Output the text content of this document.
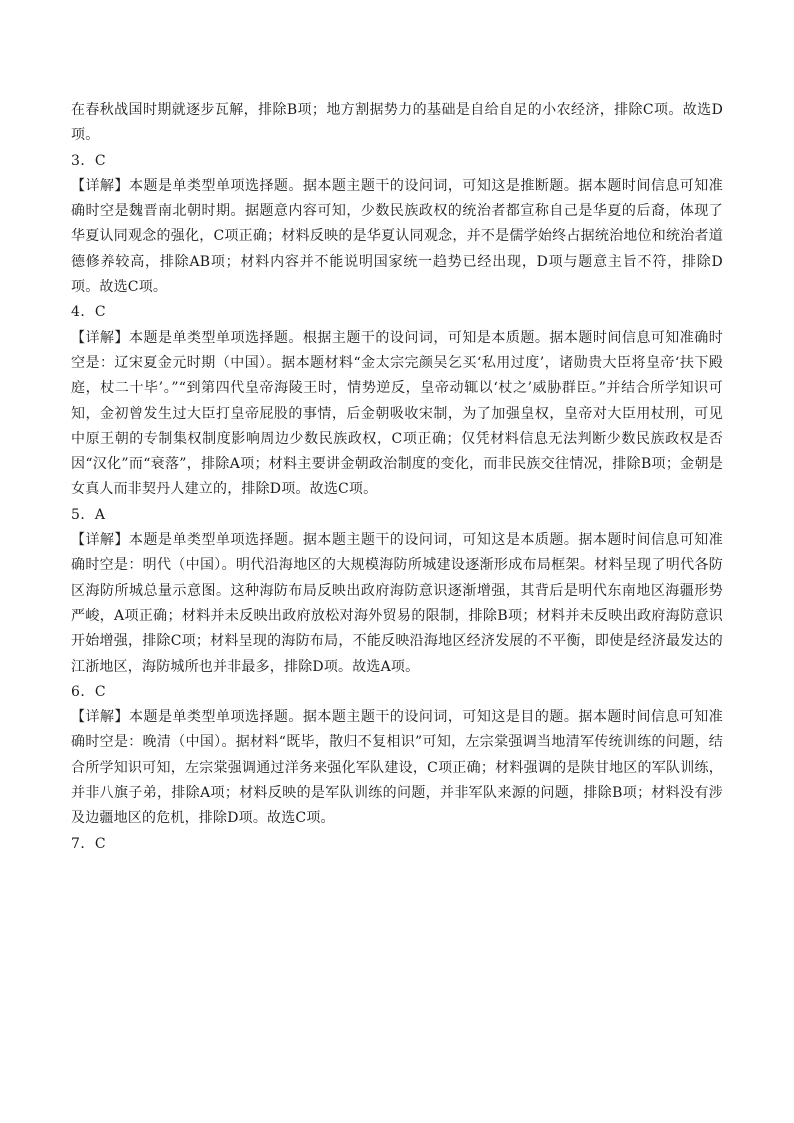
在春秋战国时期就逐步瓦解，排除B项；地方割据势力的基础是自给自足的小农经济，排除C项。故选D项。

3．C

【详解】本题是单类型单项选择题。据本题主题干的设问词，可知这是推断题。据本题时间信息可知准确时空是魏晋南北朝时期。据题意内容可知，少数民族政权的统治者都宣称自己是华夏的后裔，体现了华夏认同观念的强化，C项正确；材料反映的是华夏认同观念，并不是儒学始终占据统治地位和统治者道德修养较高，排除AB项；材料内容并不能说明国家统一趋势已经出现，D项与题意主旨不符，排除D项。故选C项。

4．C

【详解】本题是单类型单项选择题。根据主题干的设问词，可知是本质题。据本题时间信息可知准确时空是：辽宋夏金元时期（中国）。据本题材料“金太宗完颜吴乞买‘私用过度’，诸勋贵大臣将皇帝‘扶下殿庭，杖二十毕’。”“到第四代皇帝海陵王时，情势逆反，皇帝动辄以‘杖之’威胁群臣。”并结合所学知识可知，金初曾发生过大臣打皇帝屁股的事情，后金朝吸收宋制，为了加强皇权，皇帝对大臣用杖刑，可见中原王朝的专制集权制度影响周边少数民族政权，C项正确；仅凭材料信息无法判断少数民族政权是否因“汉化”而“衰落”，排除A项；材料主要讲金朝政治制度的变化，而非民族交往情况，排除B项；金朝是女真人而非契丹人建立的，排除D项。故选C项。

5．A

【详解】本题是单类型单项选择题。据本题主题干的设问词，可知这是本质题。据本题时间信息可知准确时空是：明代（中国）。明代沿海地区的大规模海防所城建设逐渐形成布局框架。材料呈现了明代各防区海防所城总量示意图。这种海防布局反映出政府海防意识逐渐增强，其背后是明代东南地区海疆形势严峻，A项正确；材料并未反映出政府放松对海外贸易的限制，排除B项；材料并未反映出政府海防意识开始增强，排除C项；材料呈现的海防布局，不能反映沿海地区经济发展的不平衡，即使是经济最发达的江浙地区，海防城所也并非最多，排除D项。故选A项。

6．C

【详解】本题是单类型单项选择题。据本题主题干的设问词，可知这是目的题。据本题时间信息可知准确时空是：晚清（中国）。据材料“既毕，散归不复相识”可知，左宗棠强调当地清军传统训练的问题，结合所学知识可知，左宗棠强调通过洋务来强化军队建设，C项正确；材料强调的是陕甘地区的军队训练，并非八旗子弟，排除A项；材料反映的是军队训练的问题，并非军队来源的问题，排除B项；材料没有涉及边疆地区的危机，排除D项。故选C项。

7．C
